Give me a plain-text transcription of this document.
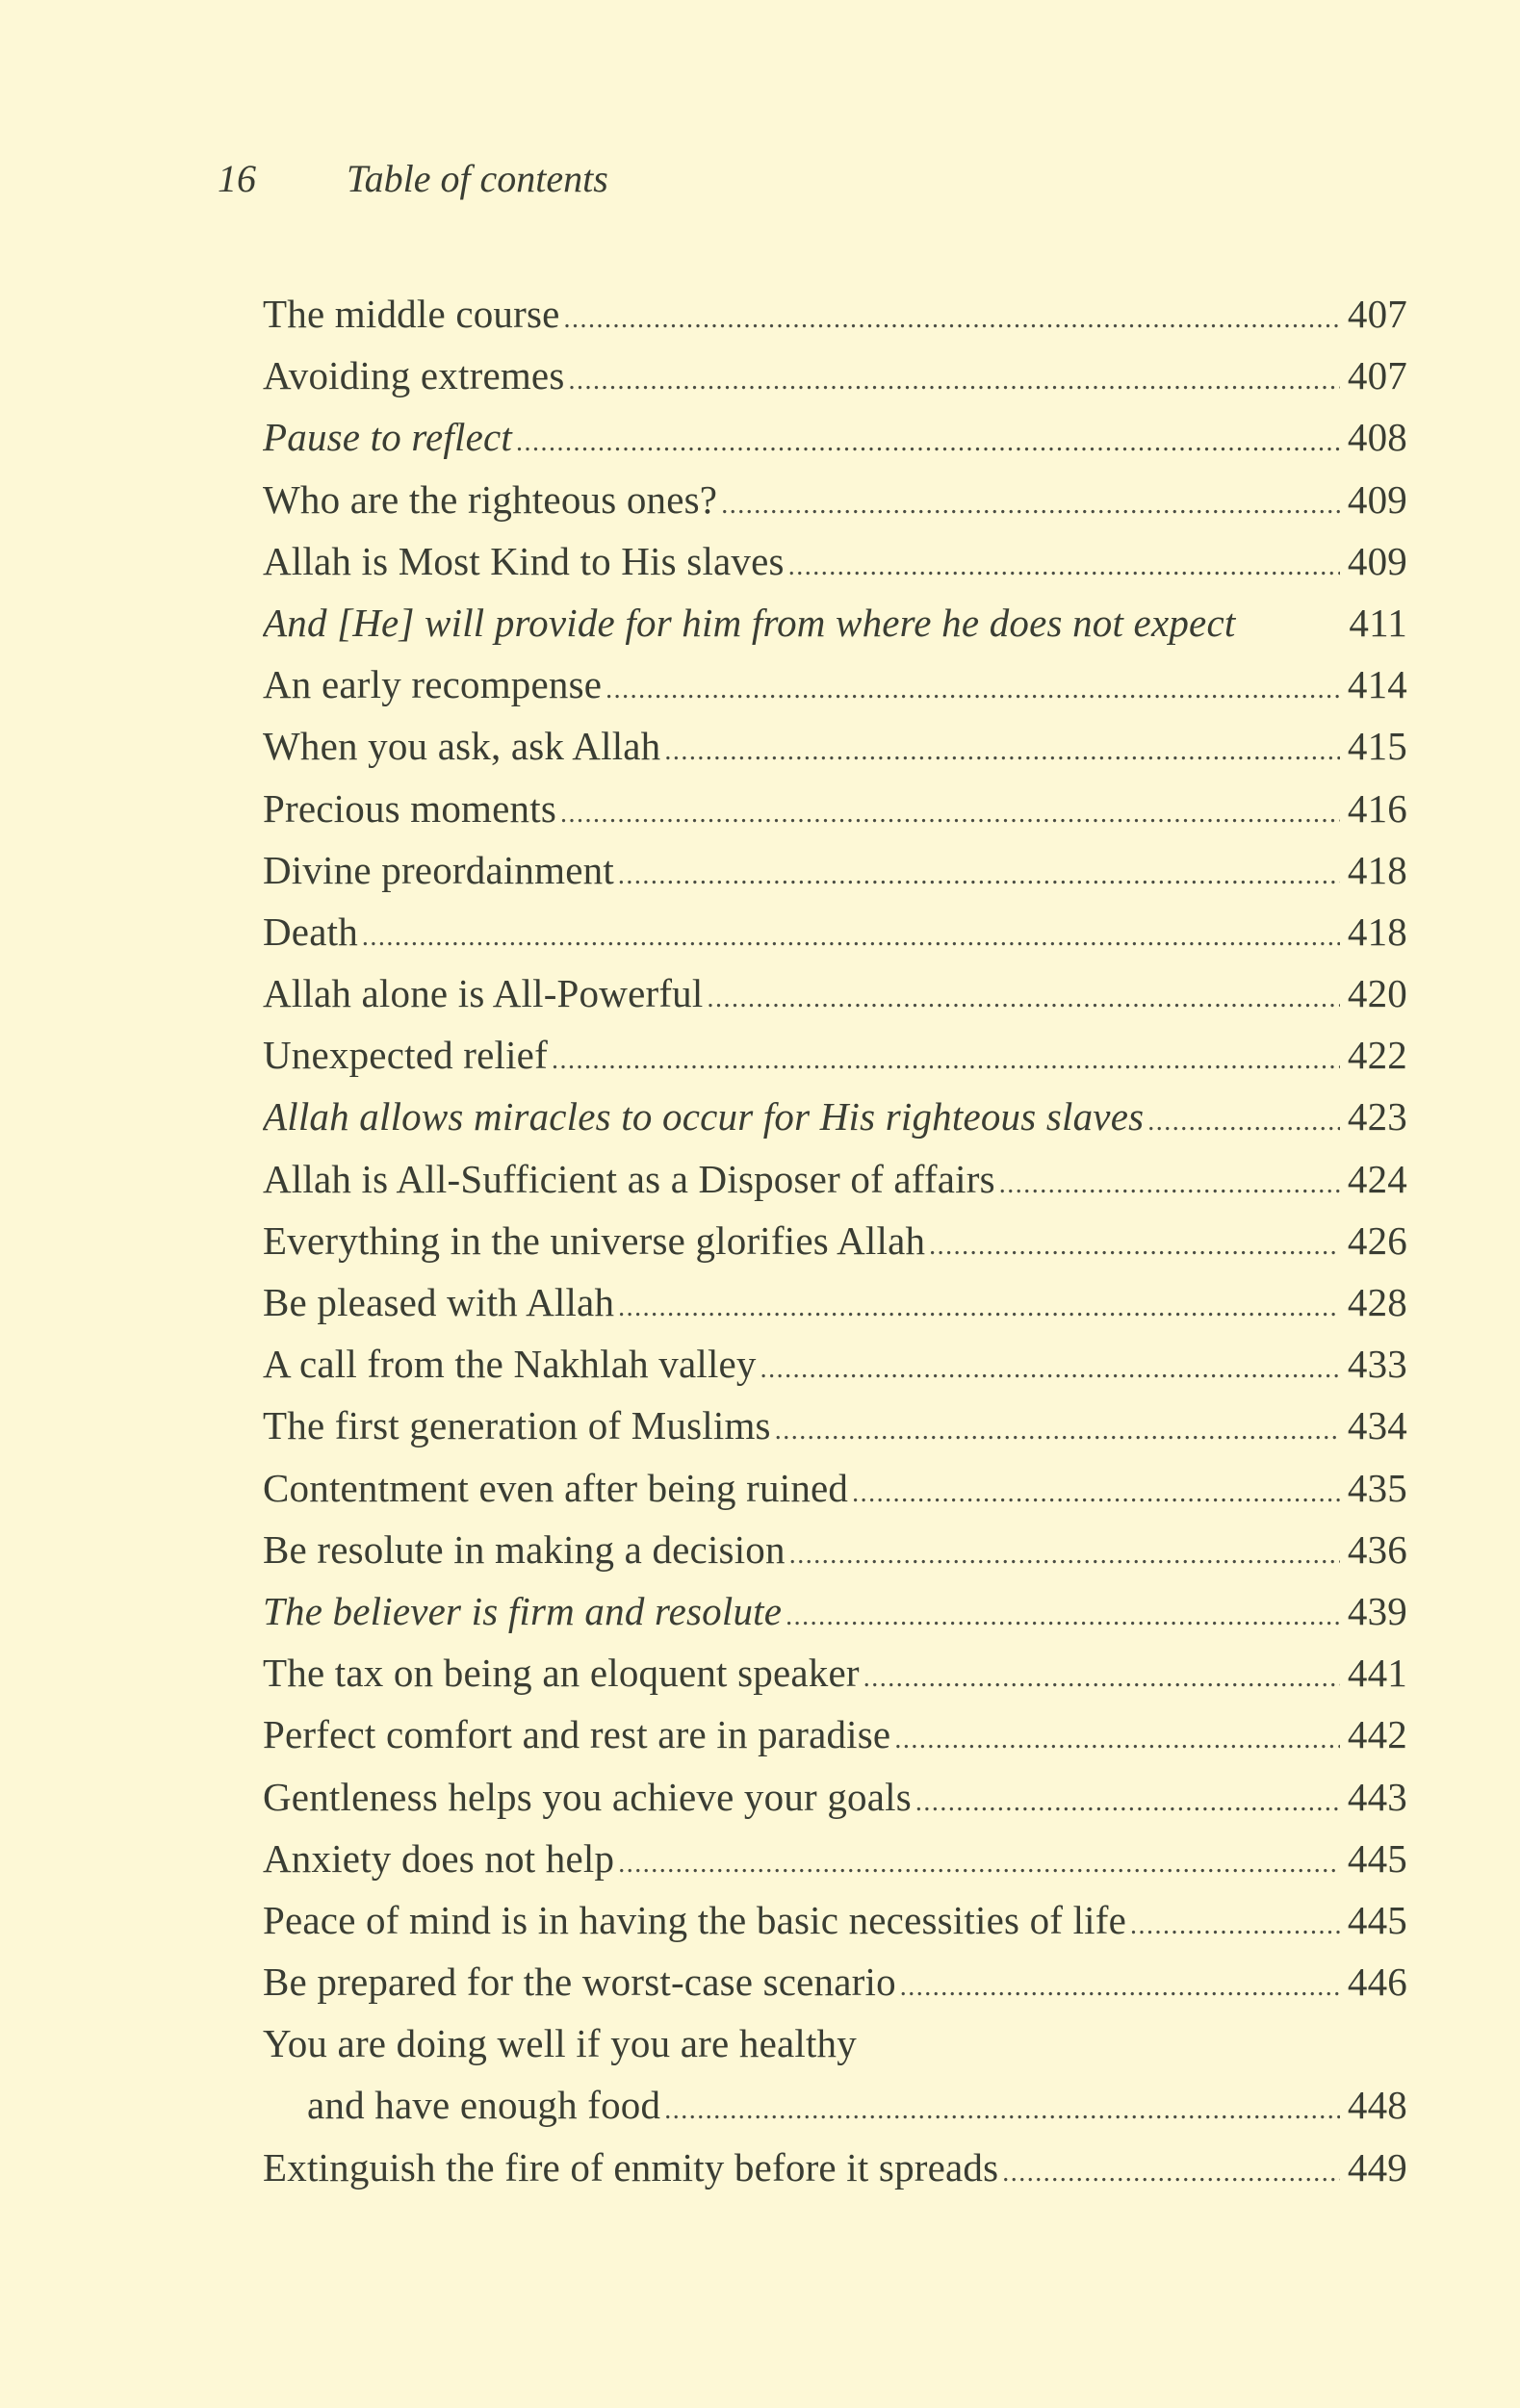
16	Table of contents
The middle course .....	407
Avoiding extremes .....	407
Pause to reflect .....	408
Who are the righteous ones? .....	409
Allah is Most Kind to His slaves .....	409
And [He] will provide for him from where he does not expect	411
An early recompense .....	414
When you ask, ask Allah .....	415
Precious moments .....	416
Divine preordainment .....	418
Death .....	418
Allah alone is All-Powerful .....	420
Unexpected relief .....	422
Allah allows miracles to occur for His righteous slaves .....	423
Allah is All-Sufficient as a Disposer of affairs .....	424
Everything in the universe glorifies Allah .....	426
Be pleased with Allah .....	428
A call from the Nakhlah valley .....	433
The first generation of Muslims .....	434
Contentment even after being ruined .....	435
Be resolute in making a decision .....	436
The believer is firm and resolute .....	439
The tax on being an eloquent speaker .....	441
Perfect comfort and rest are in paradise .....	442
Gentleness helps you achieve your goals .....	443
Anxiety does not help .....	445
Peace of mind is in having the basic necessities of life .....	445
Be prepared for the worst-case scenario .....	446
You are doing well if you are healthy
and have enough food .....	448
Extinguish the fire of enmity before it spreads .....	449
